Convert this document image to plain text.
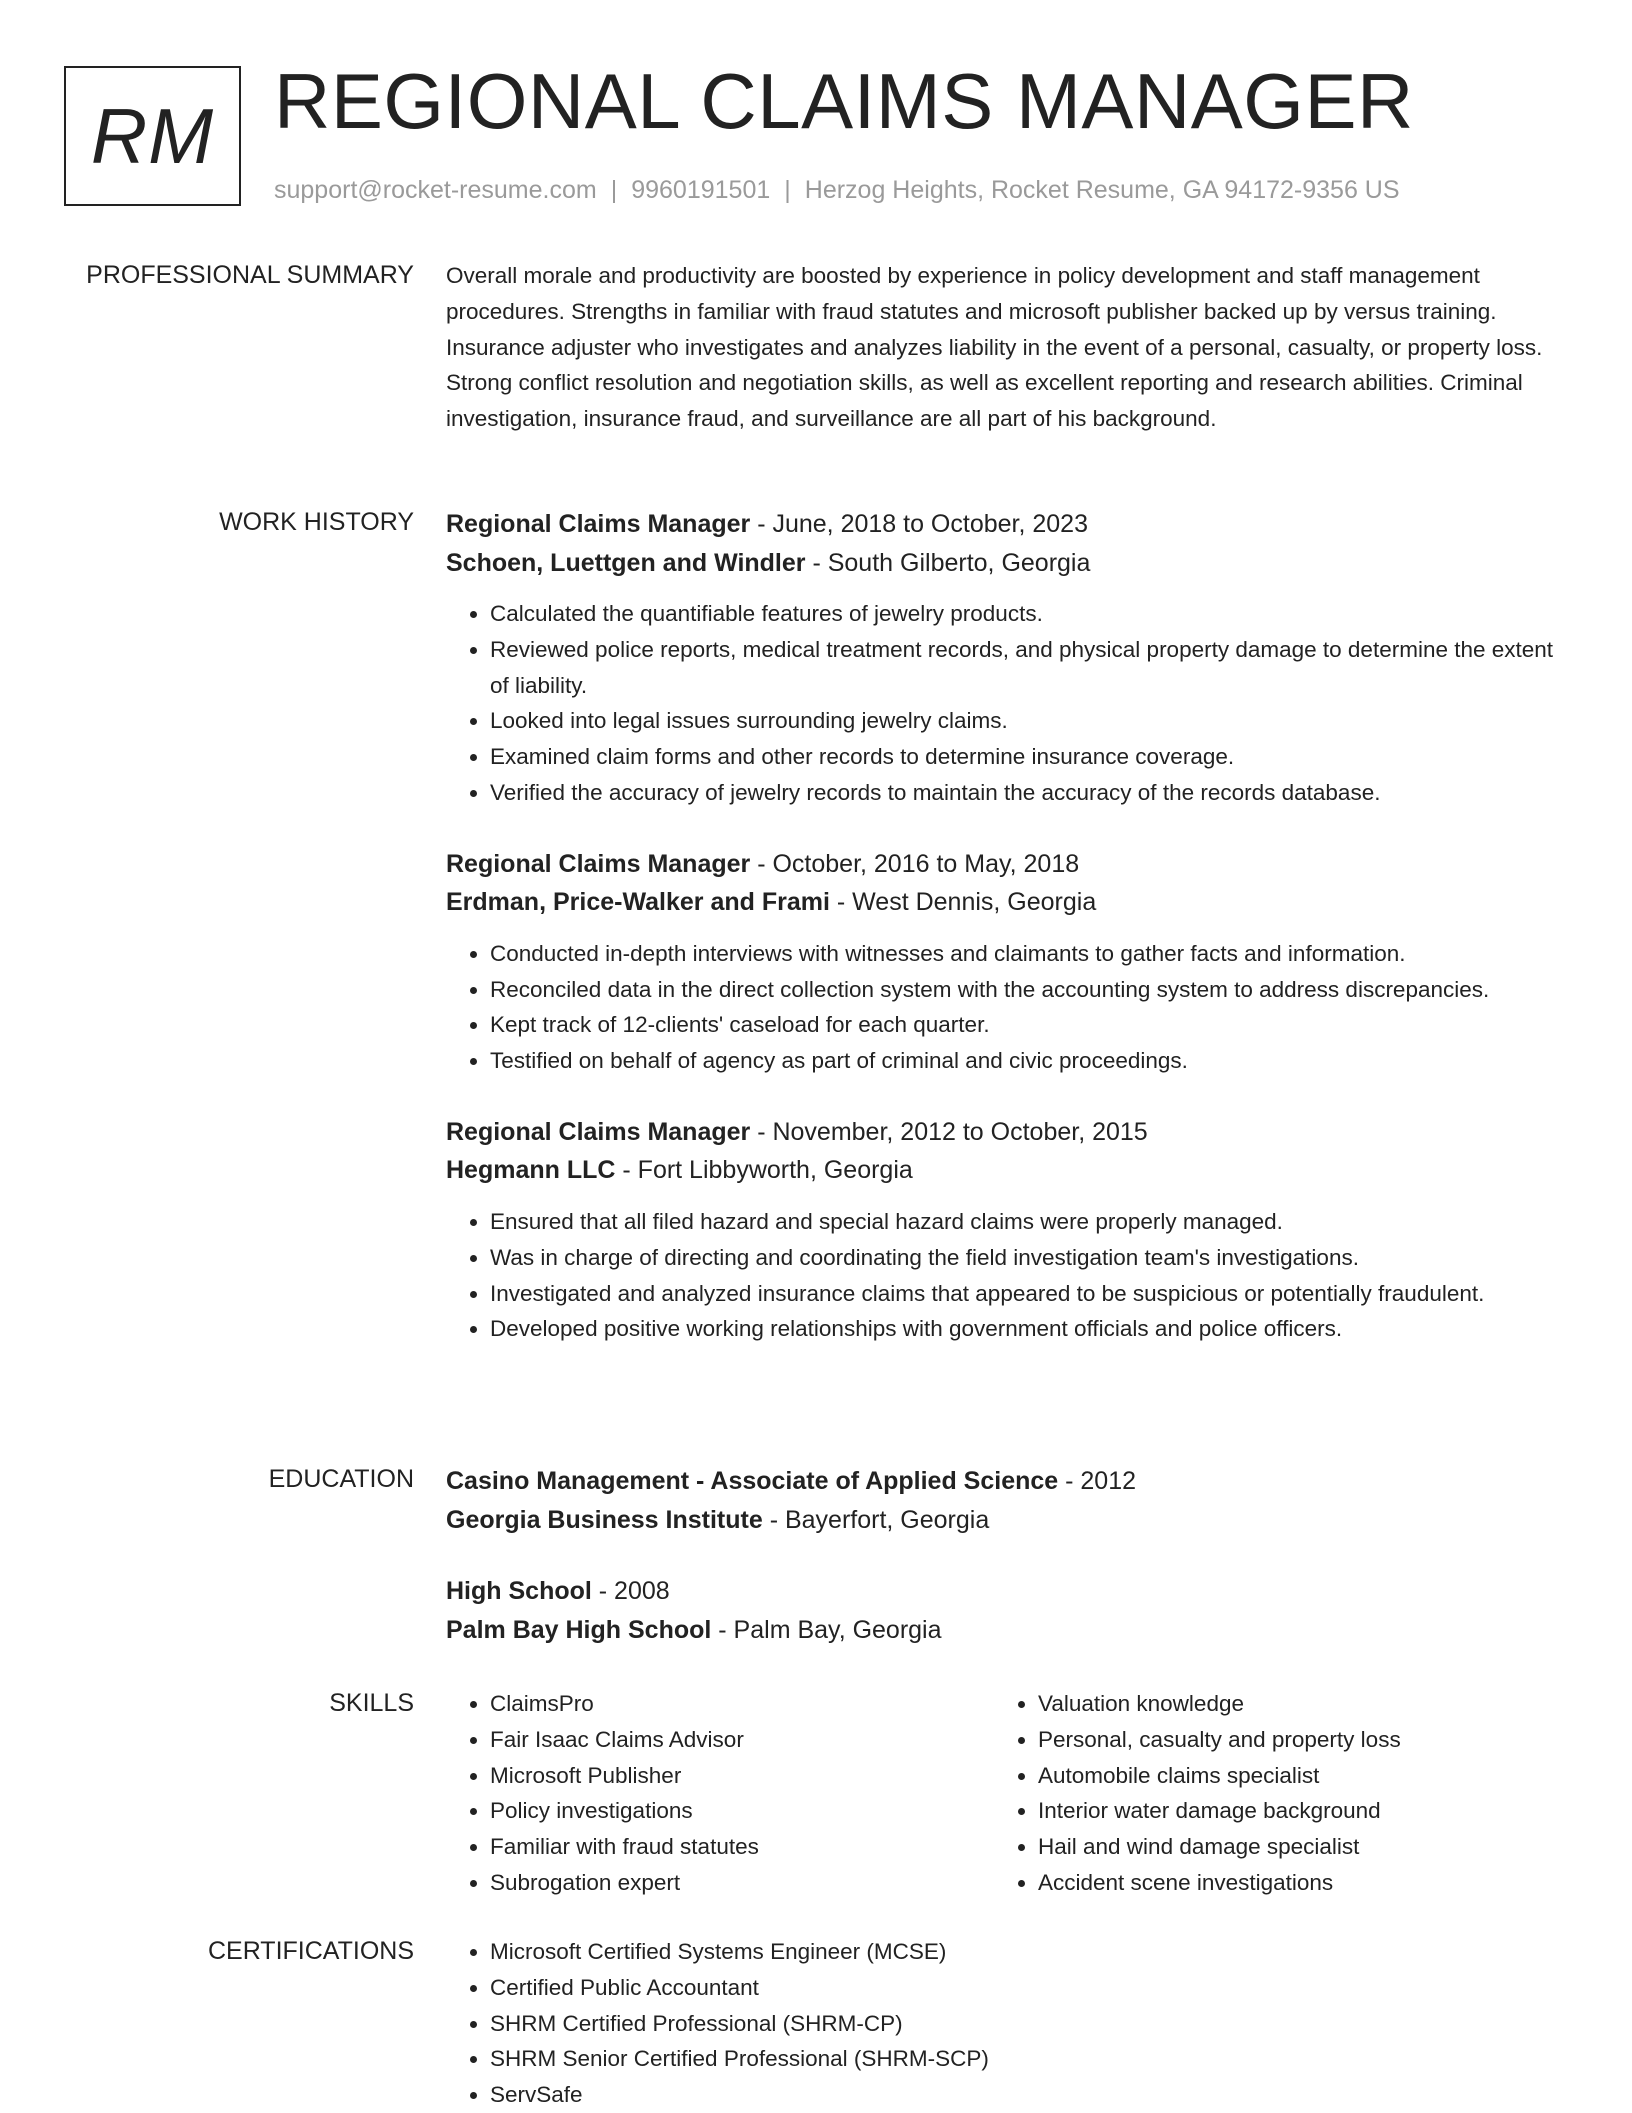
RM REGIONAL CLAIMS MANAGER
support@rocket-resume.com | 9960191501 | Herzog Heights, Rocket Resume, GA 94172-9356 US
PROFESSIONAL SUMMARY Overall morale and productivity are boosted by experience in policy development and staff management procedures. Strengths in familiar with fraud statutes and microsoft publisher backed up by versus training. Insurance adjuster who investigates and analyzes liability in the event of a personal, casualty, or property loss. Strong conflict resolution and negotiation skills, as well as excellent reporting and research abilities. Criminal investigation, insurance fraud, and surveillance are all part of his background.

WORK HISTORY Regional Claims Manager - June, 2018 to October, 2023
Schoen, Luettgen and Windler - South Gilberto, Georgia
• Calculated the quantifiable features of jewelry products.
• Reviewed police reports, medical treatment records, and physical property damage to determine the extent of liability.
• Looked into legal issues surrounding jewelry claims.
• Examined claim forms and other records to determine insurance coverage.
• Verified the accuracy of jewelry records to maintain the accuracy of the records database.
Regional Claims Manager - October, 2016 to May, 2018
Erdman, Price-Walker and Frami - West Dennis, Georgia
• Conducted in-depth interviews with witnesses and claimants to gather facts and information.
• Reconciled data in the direct collection system with the accounting system to address discrepancies.
• Kept track of 12-clients' caseload for each quarter.
• Testified on behalf of agency as part of criminal and civic proceedings.
Regional Claims Manager - November, 2012 to October, 2015
Hegmann LLC - Fort Libbyworth, Georgia
• Ensured that all filed hazard and special hazard claims were properly managed.
• Was in charge of directing and coordinating the field investigation team's investigations.
• Investigated and analyzed insurance claims that appeared to be suspicious or potentially fraudulent.
• Developed positive working relationships with government officials and police officers.
EDUCATION Casino Management - Associate of Applied Science - 2012
Georgia Business Institute - Bayerfort, Georgia
High School - 2008
Palm Bay High School - Palm Bay, Georgia
SKILLS	• ClaimsPro
• Fair Isaac Claims Advisor
• Microsoft Publisher
• Policy investigations
• Familiar with fraud statutes
• Subrogation expert
• Valuation knowledge
• Personal, casualty and property loss
• Automobile claims specialist
• Interior water damage background
• Hail and wind damage specialist
• Accident scene investigations
CERTIFICATIONS	• Microsoft Certified Systems Engineer (MCSE)
• Certified Public Accountant
• SHRM Certified Professional (SHRM-CP)
• SHRM Senior Certified Professional (SHRM-SCP)
• ServSafe
